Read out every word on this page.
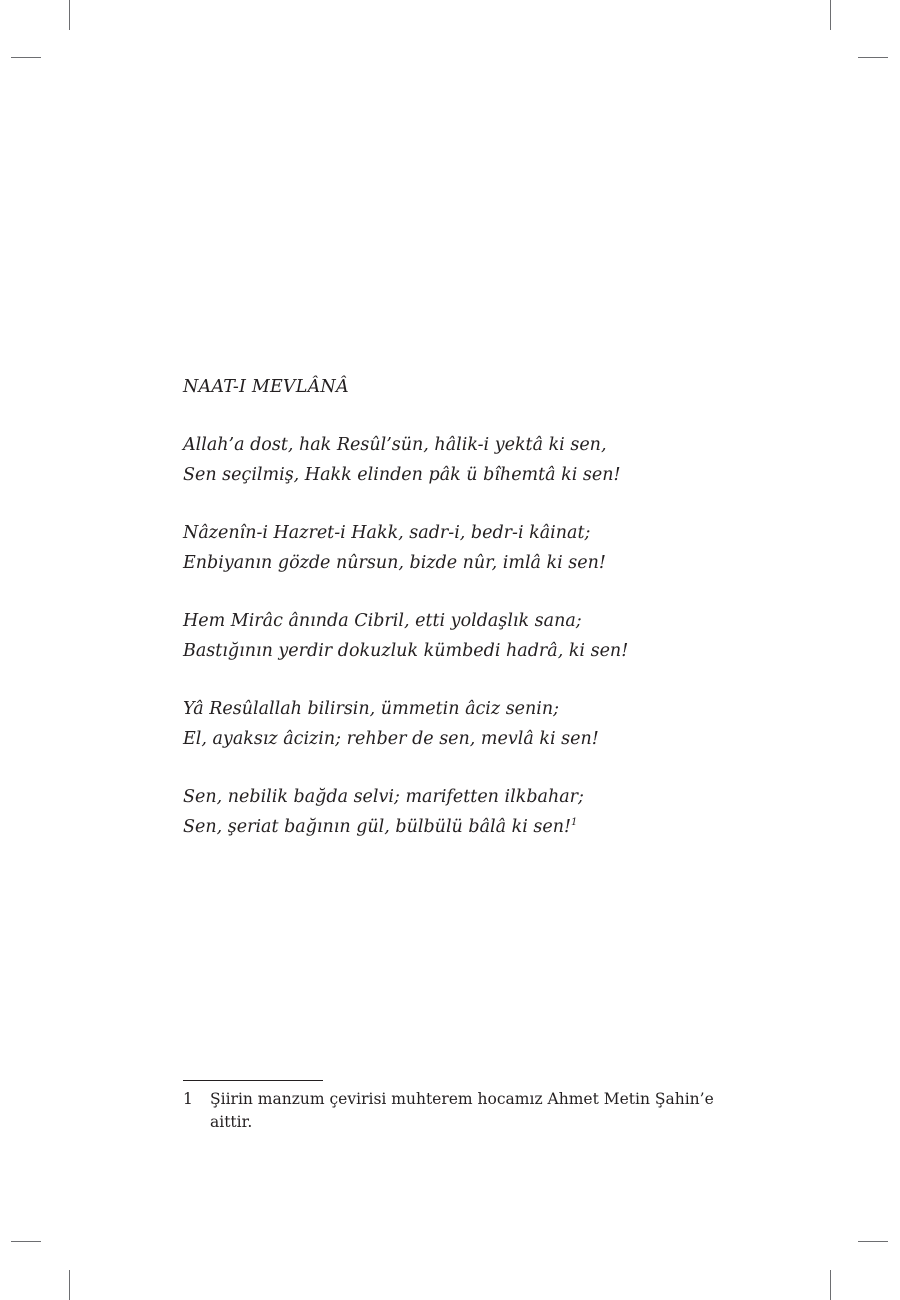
NAAT-I MEVLÂNÂ
Allah’a dost, hak Resûl’sün, hâlik-i yektâ ki sen,
Sen seçilmiş, Hakk elinden pâk ü bîhemtâ ki sen!
Nâzenîn-i Hazret-i Hakk, sadr-i, bedr-i kâinat;
Enbiyanın gözde nûrsun, bizde nûr, imlâ ki sen!
Hem Mirâc ânında Cibril, etti yoldaşlık sana;
Bastığının yerdir dokuzluk kümbedi hadrâ, ki sen!
Yâ Resûlallah bilirsin, ümmetin âciz senin;
El, ayaksız âcizin; rehber de sen, mevlâ ki sen!
Sen, nebilik bağda selvi; marifetten ilkbahar;
Sen, şeriat bağının gül, bülbülü bâlâ ki sen!$^1$
1	Şiirin manzum çevirisi muhterem hocamız Ahmet Metin Şahin’e aittir.
